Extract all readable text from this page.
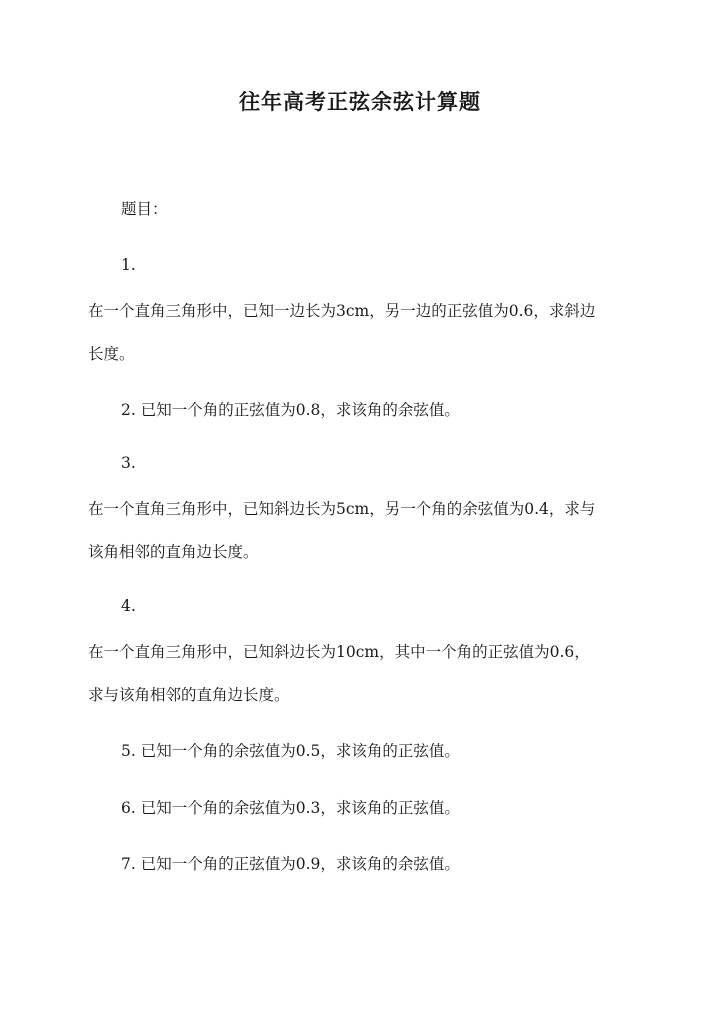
往年高考正弦余弦计算题
题目：
1.
在一个直角三角形中，已知一边长为3cm，另一边的正弦值为0.6，求斜边
长度。
2. 已知一个角的正弦值为0.8，求该角的余弦值。
3.
在一个直角三角形中，已知斜边长为5cm，另一个角的余弦值为0.4，求与
该角相邻的直角边长度。
4.
在一个直角三角形中，已知斜边长为10cm，其中一个角的正弦值为0.6，
求与该角相邻的直角边长度。
5. 已知一个角的余弦值为0.5，求该角的正弦值。
6. 已知一个角的余弦值为0.3，求该角的正弦值。
7. 已知一个角的正弦值为0.9，求该角的余弦值。
